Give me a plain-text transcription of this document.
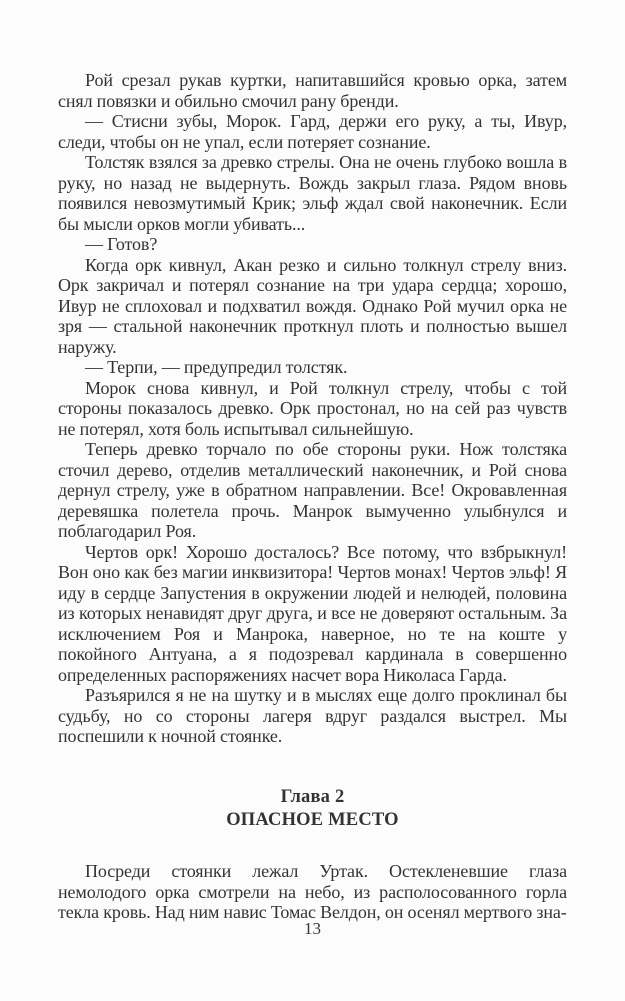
Рой срезал рукав куртки, напитавшийся кровью орка, затем снял повязки и обильно смочил рану бренди.

— Стисни зубы, Морок. Гард, держи его руку, а ты, Ивур, следи, чтобы он не упал, если потеряет сознание.

Толстяк взялся за древко стрелы. Она не очень глубоко вошла в руку, но назад не выдернуть. Вождь закрыл глаза. Рядом вновь появился невозмутимый Крик; эльф ждал свой наконечник. Если бы мысли орков могли убивать...

— Готов?

Когда орк кивнул, Акан резко и сильно толкнул стрелу вниз. Орк закричал и потерял сознание на три удара сердца; хорошо, Ивур не сплоховал и подхватил вождя. Однако Рой мучил орка не зря — стальной наконечник проткнул плоть и полностью вышел наружу.

— Терпи, — предупредил толстяк.

Морок снова кивнул, и Рой толкнул стрелу, чтобы с той стороны показалось древко. Орк простонал, но на сей раз чувств не потерял, хотя боль испытывал сильнейшую.

Теперь древко торчало по обе стороны руки. Нож толстяка сточил дерево, отделив металлический наконечник, и Рой снова дернул стрелу, уже в обратном направлении. Все! Окровавленная деревяшка полетела прочь. Манрок вымученно улыбнулся и поблагодарил Роя.

Чертов орк! Хорошо досталось? Все потому, что взбрыкнул! Вон оно как без магии инквизитора! Чертов монах! Чертов эльф! Я иду в сердце Запустения в окружении людей и нелюдей, половина из которых ненавидят друг друга, и все не доверяют остальным. За исключением Роя и Манрока, наверное, но те на коште у покойного Антуана, а я подозревал кардинала в совершенно определенных распоряжениях насчет вора Николаса Гарда.

Разъярился я не на шутку и в мыслях еще долго проклинал бы судьбу, но со стороны лагеря вдруг раздался выстрел. Мы поспешили к ночной стоянке.

Глава 2
ОПАСНОЕ МЕСТО

Посреди стоянки лежал Уртак. Остекленевшие глаза немолодого орка смотрели на небо, из располосованного горла текла кровь. Над ним навис Томас Велдон, он осенял мертвого зна-

13
